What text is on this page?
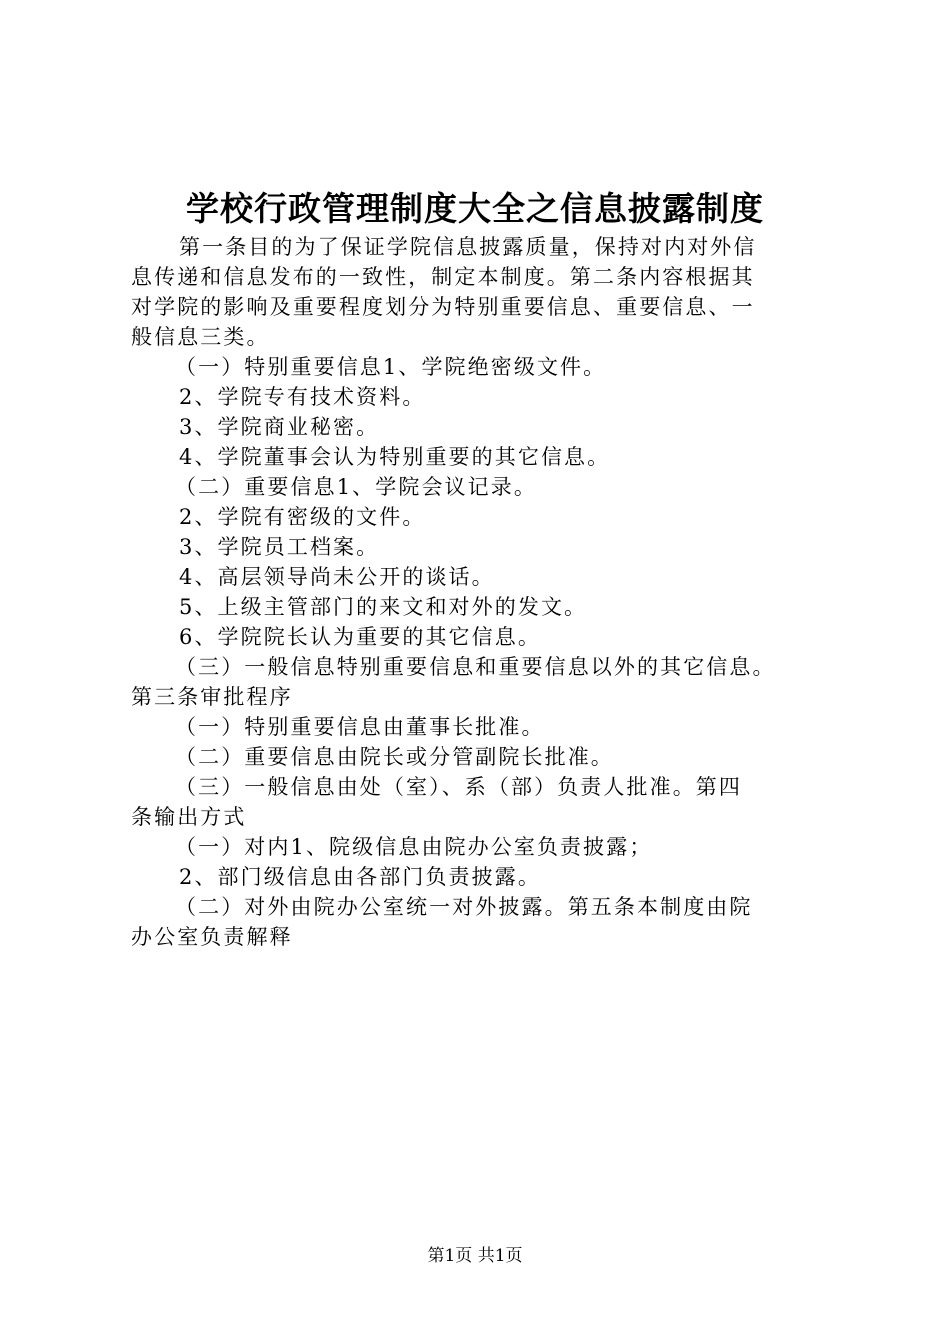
学校行政管理制度大全之信息披露制度
第一条目的为了保证学院信息披露质量，保持对内对外信
息传递和信息发布的一致性，制定本制度。第二条内容根据其
对学院的影响及重要程度划分为特别重要信息、重要信息、一
般信息三类。
（一）特别重要信息1、学院绝密级文件。
2、学院专有技术资料。
3、学院商业秘密。
4、学院董事会认为特别重要的其它信息。
（二）重要信息1、学院会议记录。
2、学院有密级的文件。
3、学院员工档案。
4、高层领导尚未公开的谈话。
5、上级主管部门的来文和对外的发文。
6、学院院长认为重要的其它信息。
（三）一般信息特别重要信息和重要信息以外的其它信息。
第三条审批程序
（一）特别重要信息由董事长批准。
（二）重要信息由院长或分管副院长批准。
（三）一般信息由处（室）、系（部）负责人批准。第四
条输出方式
（一）对内1、院级信息由院办公室负责披露；
2、部门级信息由各部门负责披露。
（二）对外由院办公室统一对外披露。第五条本制度由院
办公室负责解释
第1页 共1页
